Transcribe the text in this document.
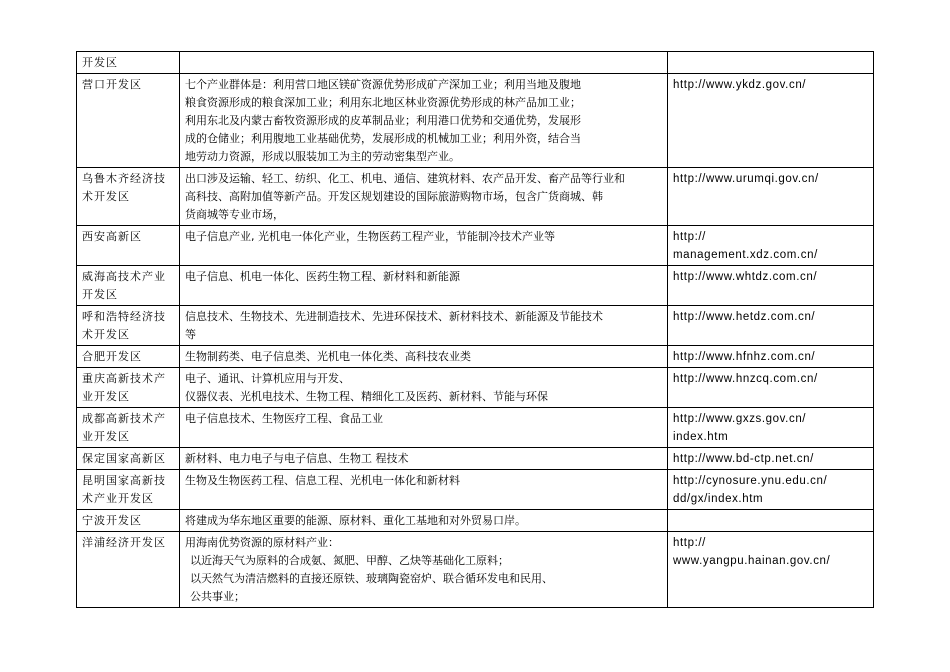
开发区		
营口开发区	七个产业群体是：利用营口地区镁矿资源优势形成矿产深加工业；利用当地及腹地
粮食资源形成的粮食深加工业；利用东北地区林业资源优势形成的林产品加工业；
利用东北及内蒙古畜牧资源形成的皮革制品业；利用港口优势和交通优势，发展形
成的仓储业；利用腹地工业基础优势，发展形成的机械加工业；利用外资，结合当
地劳动力资源，形成以服装加工为主的劳动密集型产业。	http://www.ykdz.gov.cn/

乌鲁木齐经济技术开发区	出口涉及运输、轻工、纺织、化工、机电、通信、建筑材料、农产品开发、畜产品等行业和
高科技、高附加值等新产品。开发区规划建设的国际旅游购物市场，包含广货商城、韩
货商城等专业市场，	http://www.urumqi.gov.cn/

西安高新区	电子信息产业, 光机电一体化产业，生物医药工程产业，节能制冷技术产业等	http://
management.xdz.com.cn/

威海高技术产业开发区	电子信息、机电一体化、医药生物工程、新材料和新能源	http://www.whtdz.com.cn/

呼和浩特经济技术开发区	信息技术、生物技术、先进制造技术、先进环保技术、新材料技术、新能源及节能技术
等	http://www.hetdz.com.cn/

合肥开发区	生物制药类、电子信息类、光机电一体化类、高科技农业类	http://www.hfnhz.com.cn/

重庆高新技术产业开发区	电子、通讯、计算机应用与开发、
仪器仪表、光机电技术、生物工程、精细化工及医药、新材料、节能与环保	http://www.hnzcq.com.cn/

成都高新技术产业开发区	电子信息技术、生物医疗工程、食品工业	http://www.gxzs.gov.cn/
index.htm

保定国家高新区	新材料、电力电子与电子信息、生物工 程技术	http://www.bd-ctp.net.cn/

昆明国家高新技术产业开发区	生物及生物医药工程、信息工程、光机电一体化和新材料	http://cynosure.ynu.edu.cn/
dd/gx/index.htm

宁波开发区	将建成为华东地区重要的能源、原材料、重化工基地和对外贸易口岸。	

洋浦经济开发区	用海南优势资源的原材料产业：
以近海天气为原料的合成氨、氮肥、甲醇、乙炔等基础化工原料；
以天然气为清洁燃料的直接还原铁、玻璃陶瓷窑炉、联合循环发电和民用、
公共事业；	http://
www.yangpu.hainan.gov.cn/
